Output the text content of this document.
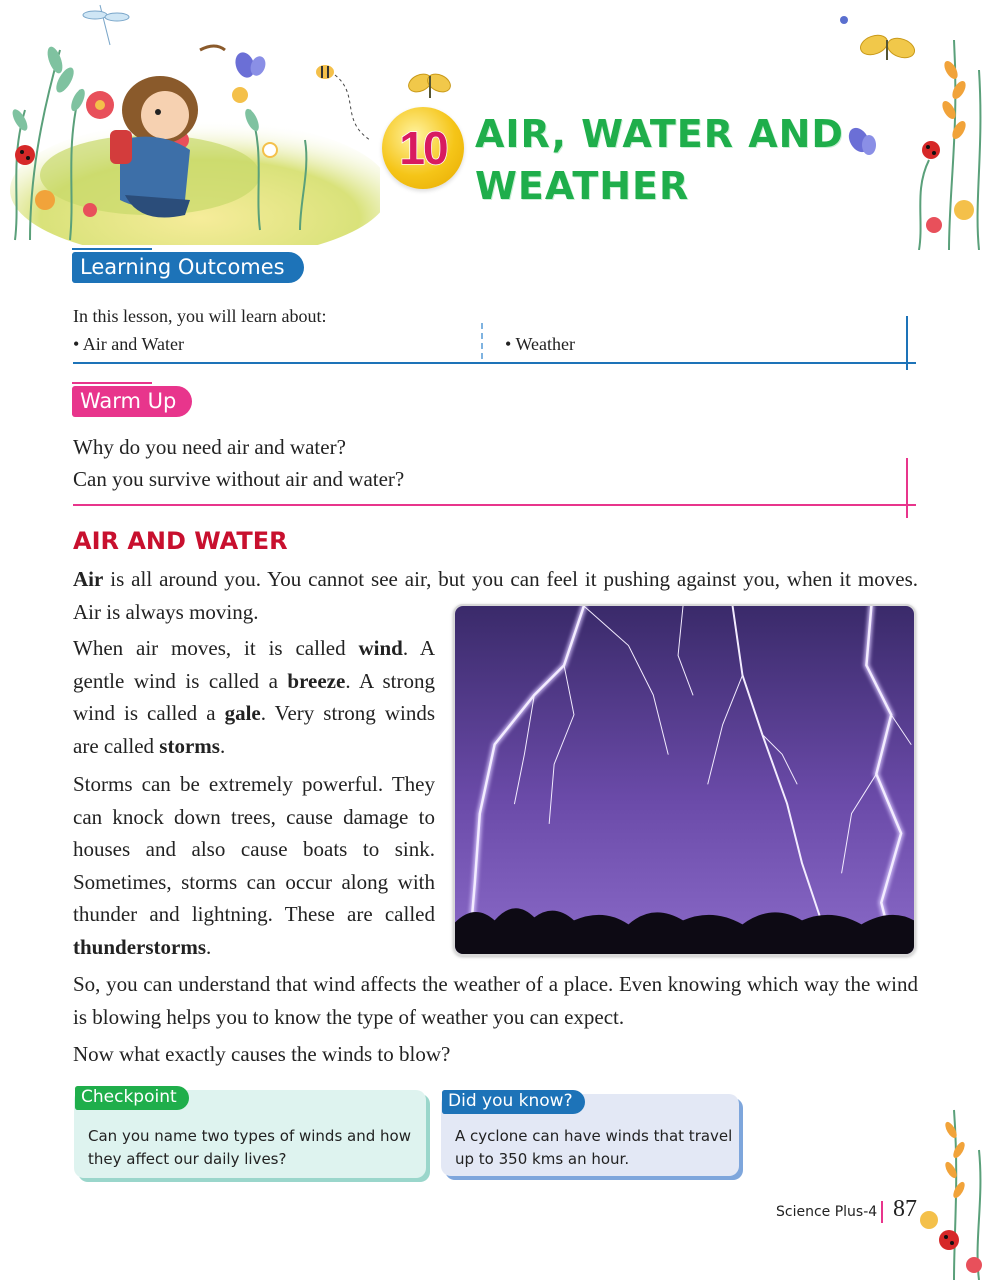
10 AIR, WATER AND
WEATHER
Learning Outcomes
In this lesson, you will learn about:
• Air and Water	• Weather
Warm Up
Why do you need air and water?
Can you survive without air and water?
AIR AND WATER

Air is all around you. You cannot see air, but you can feel it pushing against you, when it moves. Air is always moving.

When air moves, it is called wind. A gentle wind is called a breeze. A strong wind is called a gale. Very strong winds are called storms.

Storms can be extremely powerful. They can knock down trees, cause damage to houses and also cause boats to sink. Sometimes, storms can occur along with thunder and lightning. These are called thunderstorms.

So, you can understand that wind affects the weather of a place. Even knowing which way the wind is blowing helps you to know the type of weather you can expect.

Now what exactly causes the winds to blow?

Checkpoint
Can you name two types of winds and how they affect our daily lives?
Did you know?
A cyclone can have winds that travel up to 350 kms an hour.
Science Plus-4 87
